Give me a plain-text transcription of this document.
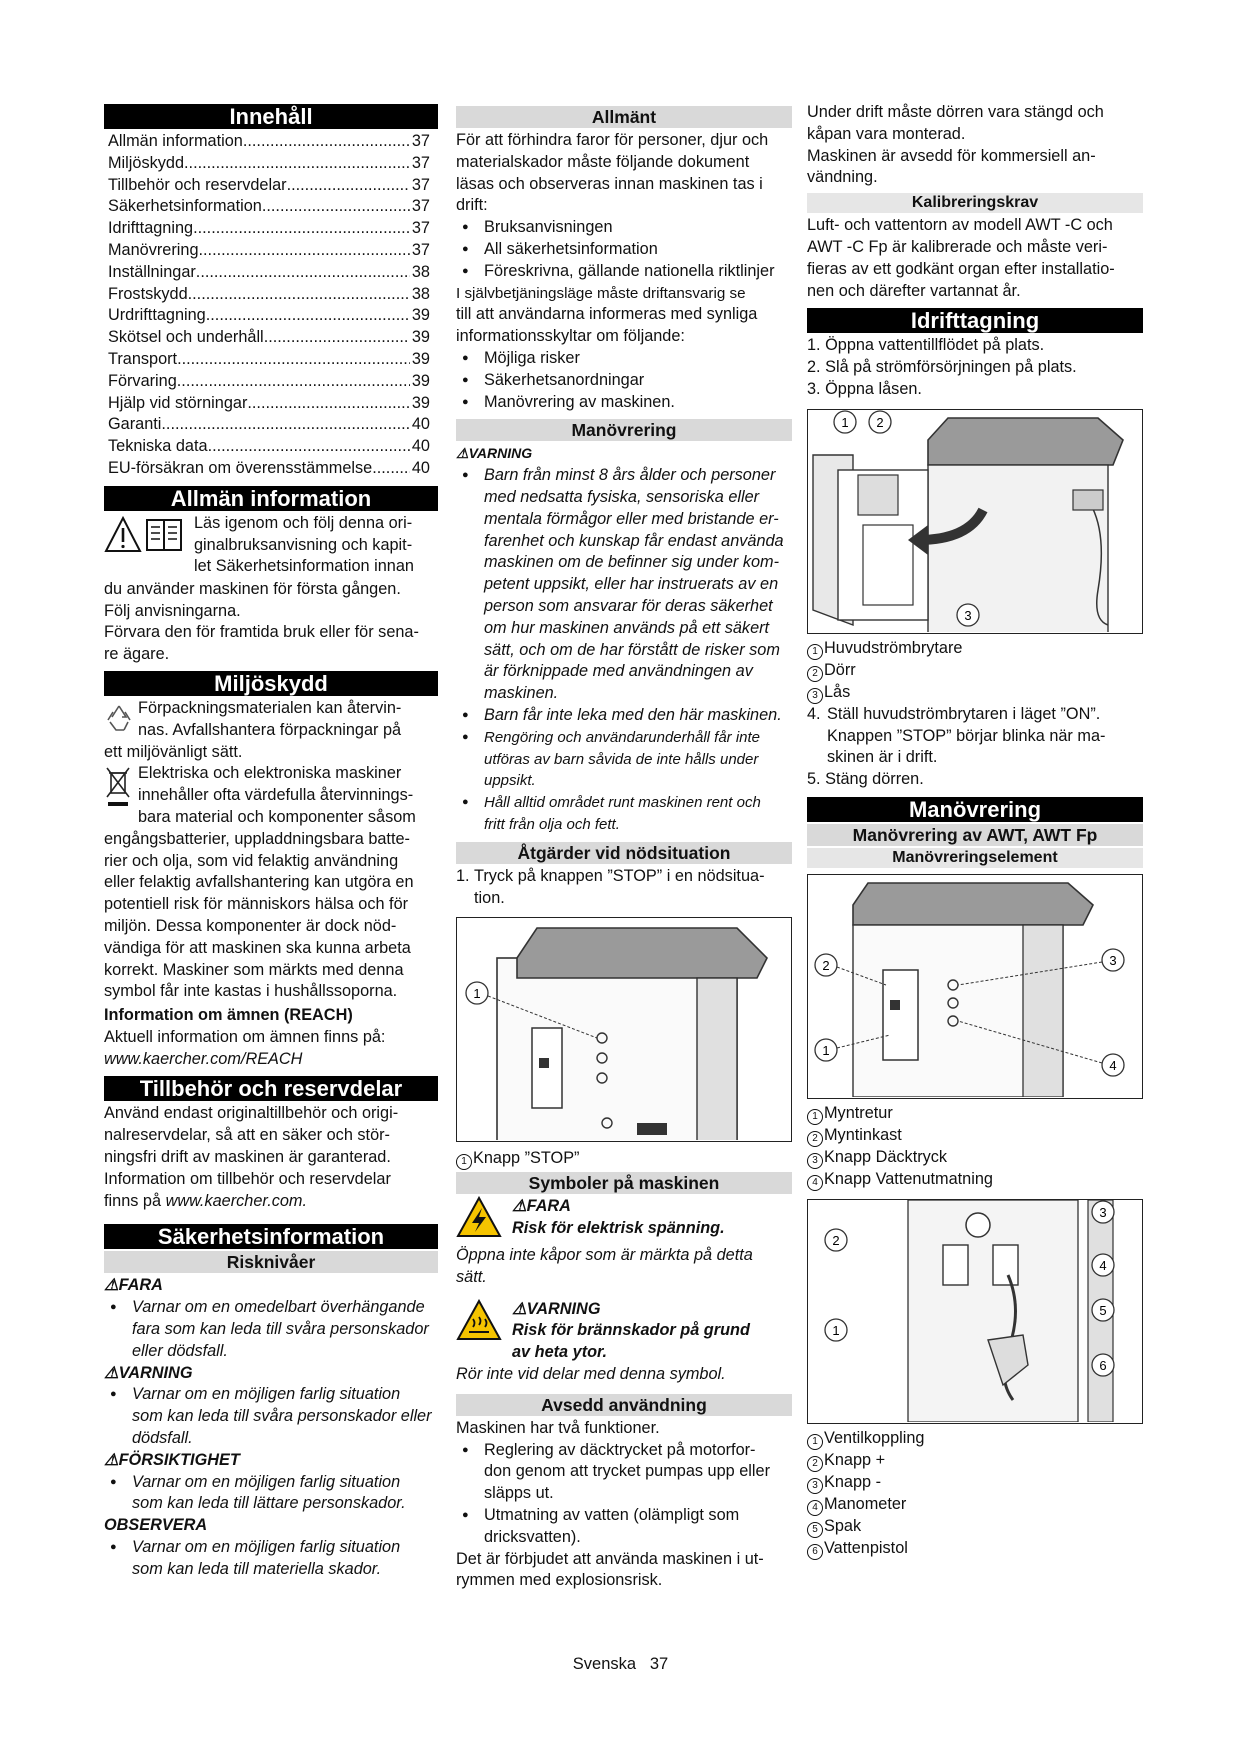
Innehåll
Allmän information .....	37
Miljöskydd .....	37
Tillbehör och reservdelar .....	37
Säkerhetsinformation .....	37
Idrifttagning .....	37
Manövrering .....	37
Inställningar .....	38
Frostskydd .....	38
Urdrifttagning .....	39
Skötsel och underhåll .....	39
Transport .....	39
Förvaring .....	39
Hjälp vid störningar .....	39
Garanti .....	40
Tekniska data .....	40
EU-försäkran om överensstämmelse ..... 40
Allmän information

Läs igenom och följ denna ori-

ginalbruksanvisning och kapit-

let Säkerhetsinformation innan

du använder maskinen för första gången.

Följ anvisningarna.

Förvara den för framtida bruk eller för sena-

re ägare.

Miljöskydd

Förpackningsmaterialen kan återvin-

nas. Avfallshantera förpackningar på

ett miljövänligt sätt.

Elektriska och elektroniska maskiner

innehåller ofta värdefulla återvinnings-

bara material och komponenter såsom

engångsbatterier, uppladdningsbara batte-

rier och olja, som vid felaktig användning

eller felaktig avfallshantering kan utgöra en

potentiell risk för människors hälsa och för

miljön. Dessa komponenter är dock nöd-

vändiga för att maskinen ska kunna arbeta

korrekt. Maskiner som märkts med denna

symbol får inte kastas i hushållssoporna.

Information om ämnen (REACH)

Aktuell information om ämnen finns på:

www.kaercher.com/REACH

Tillbehör och reservdelar

Använd endast originaltillbehör och origi-

nalreservdelar, så att en säker och stör-

ningsfri drift av maskinen är garanterad.

Information om tillbehör och reservdelar

finns på www.kaercher.com.

Säkerhetsinformation
Risknivåer

⚠FARA

● Varnar om en omedelbart överhängande

fara som kan leda till svåra personskador

eller dödsfall.

⚠VARNING

● Varnar om en möjligen farlig situation

som kan leda till svåra personskador eller

dödsfall.

⚠FÖRSIKTIGHET

● Varnar om en möjligen farlig situation

som kan leda till lättare personskador.

OBSERVERA

● Varnar om en möjligen farlig situation

som kan leda till materiella skador.

Allmänt

För att förhindra faror för personer, djur och

materialskador måste följande dokument

läsas och observeras innan maskinen tas i

drift:

● Bruksanvisningen

● All säkerhetsinformation

● Föreskrivna, gällande nationella riktlinjer

I självbetjäningsläge måste driftansvarig se

till att användarna informeras med synliga

informationsskyltar om följande:

● Möjliga risker

● Säkerhetsanordningar

● Manövrering av maskinen.

Manövrering

⚠VARNING

● Barn från minst 8 års ålder och personer

med nedsatta fysiska, sensoriska eller

mentala förmågor eller med bristande er-

farenhet och kunskap får endast använda

maskinen om de befinner sig under kom-

petent uppsikt, eller har instruerats av en

person som ansvarar för deras säkerhet

om hur maskinen används på ett säkert

sätt, och om de har förstått de risker som

är förknippade med användningen av

maskinen.

● Barn får inte leka med den här maskinen.

● Rengöring och användarunderhåll får inte

utföras av barn såvida de inte hålls under

uppsikt.

● Håll alltid området runt maskinen rent och

fritt från olja och fett.

Åtgärder vid nödsituation
1. Tryck på knappen ”STOP” i en nödsitua-

tion.

1

1 Knapp ”STOP”

Symboler på maskinen

⚠FARA

Risk för elektrisk spänning.

Öppna inte kåpor som är märkta på detta

sätt.

⚠VARNING

Risk för brännskador på grund

av heta ytor.

Rör inte vid delar med denna symbol.

Avsedd användning

Maskinen har två funktioner.

● Reglering av däcktrycket på motorfor-

don genom att trycket pumpas upp eller

släpps ut.

● Utmatning av vatten (olämpligt som

dricksvatten).

Det är förbjudet att använda maskinen i ut-

rymmen med explosionsrisk.

Under drift måste dörren vara stängd och

kåpan vara monterad.

Maskinen är avsedd för kommersiell an-

vändning.

Kalibreringskrav

Luft- och vattentorn av modell AWT -C och

AWT -C Fp är kalibrerade och måste veri-

fieras av ett godkänt organ efter installatio-

nen och därefter vartannat år.

Idrifttagning

1. Öppna vattentillflödet på plats.

2. Slå på strömförsörjningen på plats.

3. Öppna låsen.

1 2
3

1 Huvudströmbrytare

2 Dörr

3 Lås

4. Ställ huvudströmbrytaren i läget ”ON”.

Knappen ”STOP” börjar blinka när ma-

skinen är i drift.

5. Stäng dörren.

Manövrering
Manövrering av AWT, AWT Fp
Manövreringselement
2	3
1
4

1 Myntretur

2 Myntinkast

3 Knapp Däcktryck

4 Knapp Vattenutmatning

2
1
3
4
5
6

1 Ventilkoppling

2 Knapp +

3 Knapp -

4 Manometer

5 Spak

6 Vattenpistol

Svenska 37
